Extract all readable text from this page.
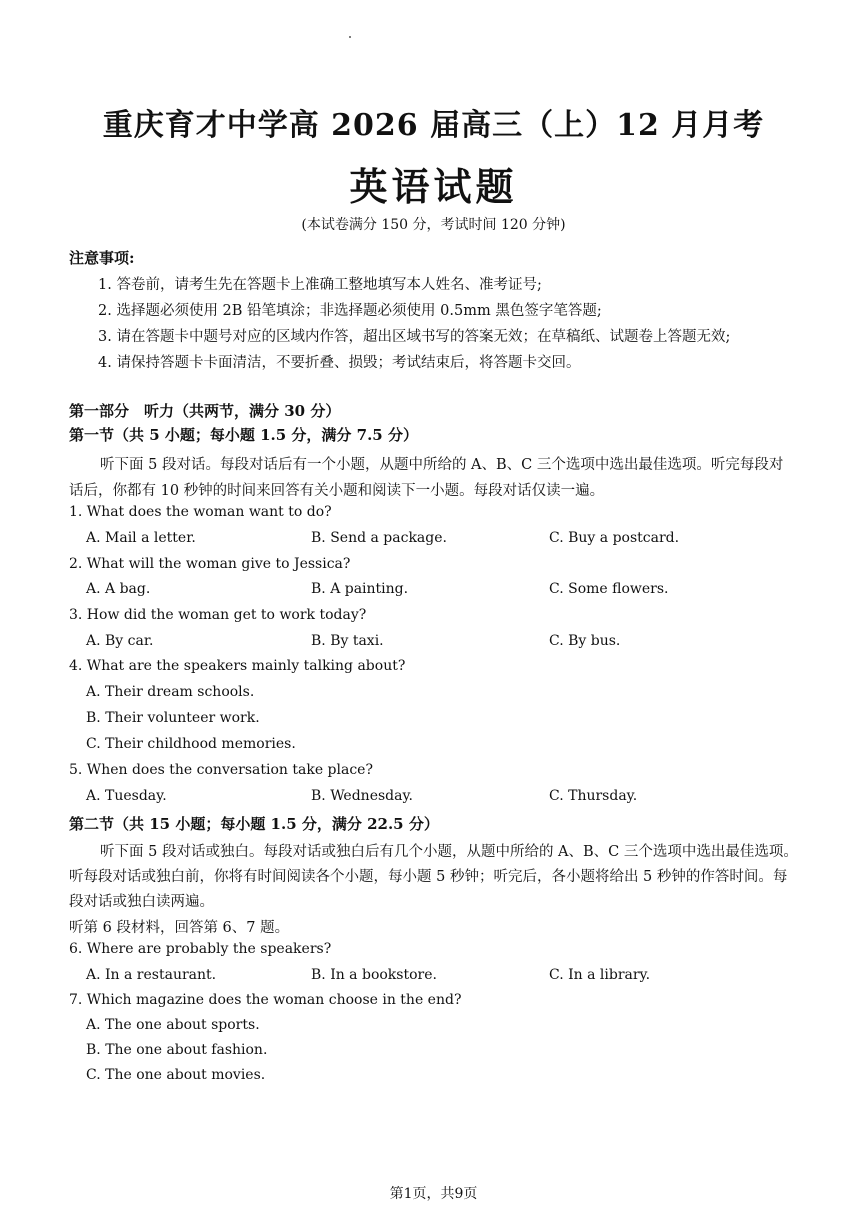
重庆育才中学高 2026 届高三（上）12 月月考
英语试题
(本试卷满分 150 分，考试时间 120 分钟)
注意事项:
1. 答卷前，请考生先在答题卡上准确工整地填写本人姓名、准考证号;
2. 选择题必须使用 2B 铅笔填涂；非选择题必须使用 0.5mm 黑色签字笔答题;
3. 请在答题卡中题号对应的区域内作答，超出区域书写的答案无效；在草稿纸、试题卷上答题无效;
4. 请保持答题卡卡面清洁，不要折叠、损毁；考试结束后，将答题卡交回。
第一部分　听力（共两节，满分 30 分）
第一节（共 5 小题；每小题 1.5 分，满分 7.5 分）
听下面 5 段对话。每段对话后有一个小题，从题中所给的 A、B、C 三个选项中选出最佳选项。听完每段对
话后，你都有 10 秒钟的时间来回答有关小题和阅读下一小题。每段对话仅读一遍。
1. What does the woman want to do?
A. Mail a letter.	B. Send a package.	C. Buy a postcard.
2. What will the woman give to Jessica?
A. A bag.	B. A painting.	C. Some flowers.
3. How did the woman get to work today?
A. By car.	B. By taxi.	C. By bus.
4. What are the speakers mainly talking about?
A. Their dream schools.
B. Their volunteer work.
C. Their childhood memories.
5. When does the conversation take place?
A. Tuesday.	B. Wednesday.	C. Thursday.
第二节（共 15 小题；每小题 1.5 分，满分 22.5 分）
听下面 5 段对话或独白。每段对话或独白后有几个小题，从题中所给的 A、B、C 三个选项中选出最佳选项。
听每段对话或独白前，你将有时间阅读各个小题，每小题 5 秒钟；听完后，各小题将给出 5 秒钟的作答时间。每
段对话或独白读两遍。
听第 6 段材料，回答第 6、7 题。
6. Where are probably the speakers?
A. In a restaurant.	B. In a bookstore.	C. In a library.
7. Which magazine does the woman choose in the end?
A. The one about sports.
B. The one about fashion.
C. The one about movies.
第1页，共9页
